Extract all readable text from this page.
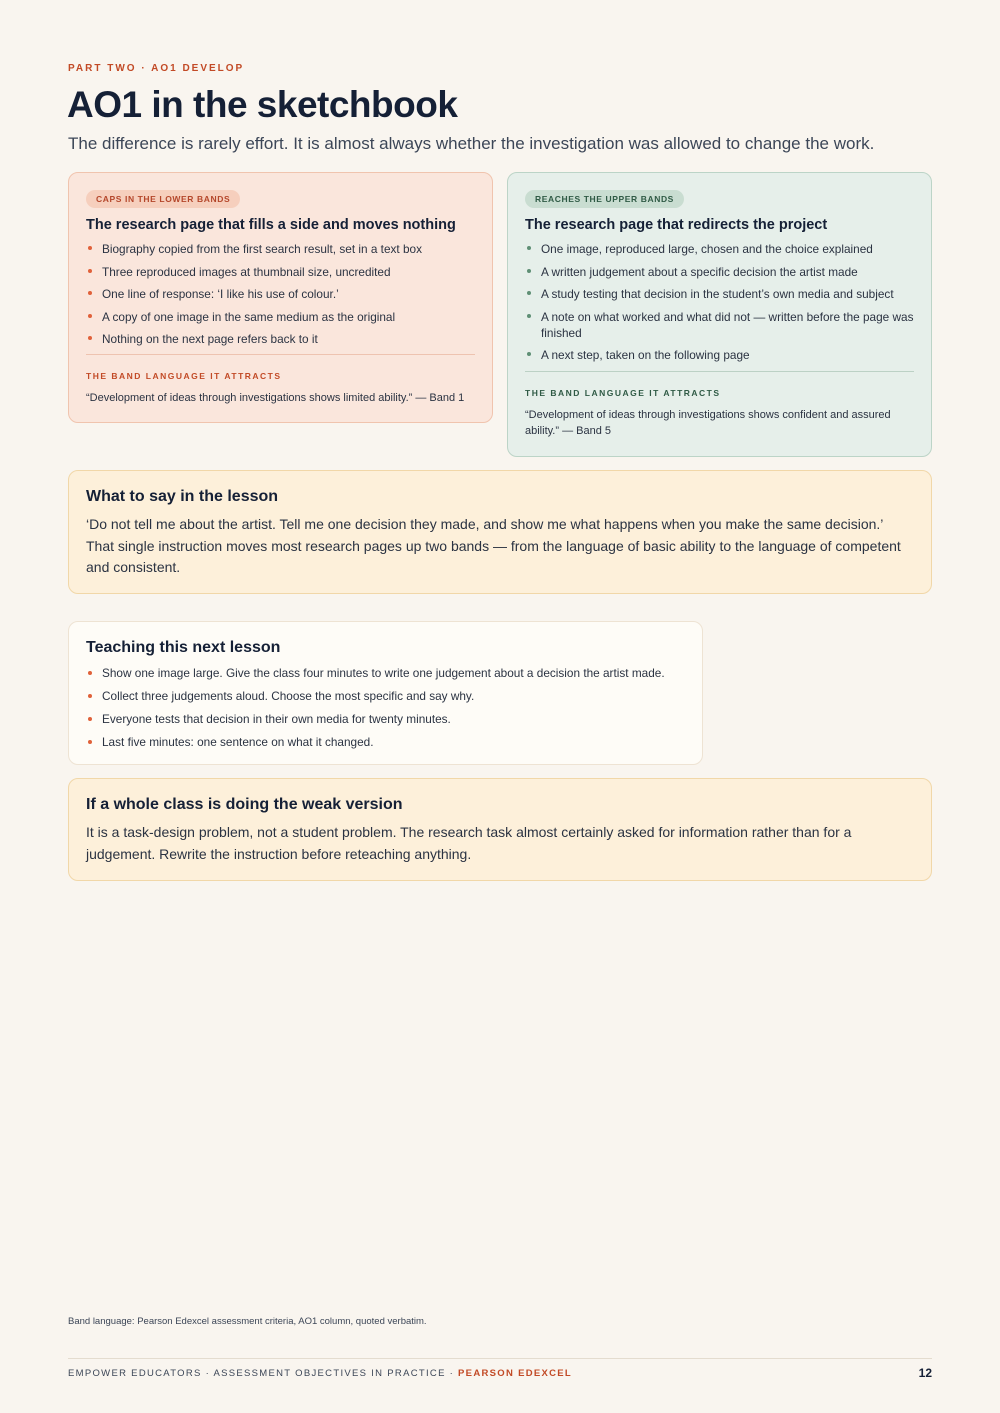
PART TWO · AO1 DEVELOP
AO1 in the sketchbook

The difference is rarely effort. It is almost always whether the investigation was allowed to change the work.

CAPS IN THE LOWER BANDS
The research page that fills a side and moves nothing
Biography copied from the first search result, set in a text box
Three reproduced images at thumbnail size, uncredited
One line of response: ‘I like his use of colour.’
A copy of one image in the same medium as the original
Nothing on the next page refers back to it
THE BAND LANGUAGE IT ATTRACTS
“Development of ideas through investigations shows limited ability.” — Band 1
REACHES THE UPPER BANDS
The research page that redirects the project
One image, reproduced large, chosen and the choice explained
A written judgement about a specific decision the artist made
A study testing that decision in the student’s own media and subject
A note on what worked and what did not — written before the page was finished
A next step, taken on the following page
THE BAND LANGUAGE IT ATTRACTS
“Development of ideas through investigations shows confident and assured ability.” — Band 5
What to say in the lesson

‘Do not tell me about the artist. Tell me one decision they made, and show me what happens when you make the same decision.’ That single instruction moves most research pages up two bands — from the language of basic ability to the language of competent and consistent.

Teaching this next lesson
Show one image large. Give the class four minutes to write one judgement about a decision the artist made.
Collect three judgements aloud. Choose the most specific and say why.
Everyone tests that decision in their own media for twenty minutes.
Last five minutes: one sentence on what it changed.
If a whole class is doing the weak version

It is a task-design problem, not a student problem. The research task almost certainly asked for information rather than for a judgement. Rewrite the instruction before reteaching anything.

Band language: Pearson Edexcel assessment criteria, AO1 column, quoted verbatim.
EMPOWER EDUCATORS · ASSESSMENT OBJECTIVES IN PRACTICE · PEARSON EDEXCEL	12
